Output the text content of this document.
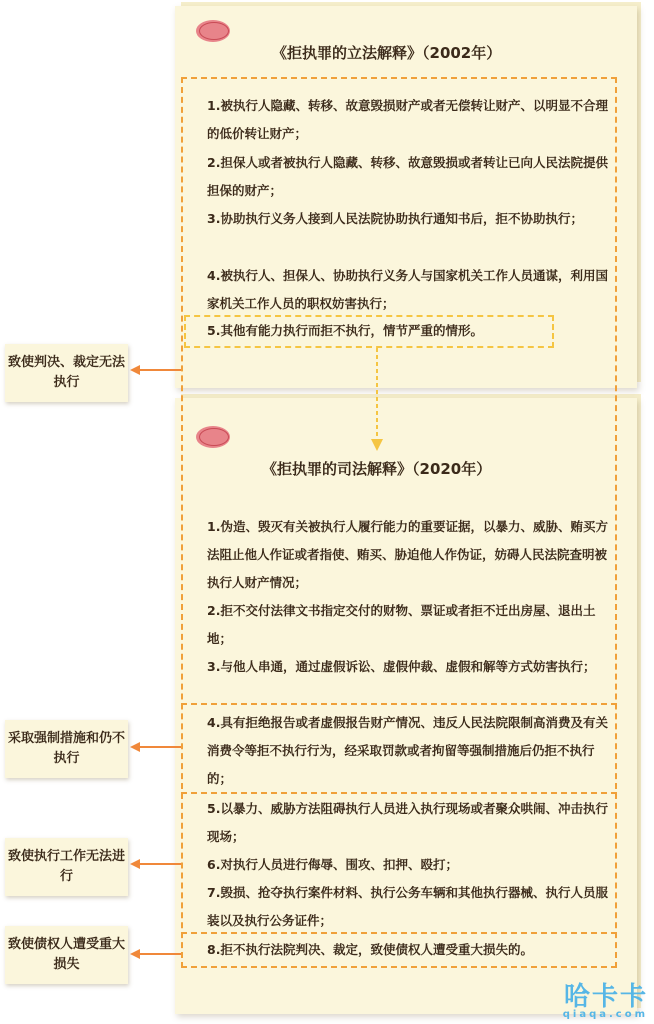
《拒执罪的立法解释》（2002年）
《拒执罪的司法解释》（2020年）
1.被执行人隐藏、转移、故意毁损财产或者无偿转让财产、以明显不合理的低价转让财产；
2.担保人或者被执行人隐藏、转移、故意毁损或者转让已向人民法院提供担保的财产；
3.协助执行义务人接到人民法院协助执行通知书后，拒不协助执行；
4.被执行人、担保人、协助执行义务人与国家机关工作人员通谋，利用国家机关工作人员的职权妨害执行；
5.其他有能力执行而拒不执行，情节严重的情形。
1.伪造、毁灭有关被执行人履行能力的重要证据，以暴力、威胁、贿买方法阻止他人作证或者指使、贿买、胁迫他人作伪证，妨碍人民法院查明被执行人财产情况；
2.拒不交付法律文书指定交付的财物、票证或者拒不迁出房屋、退出土地；
3.与他人串通，通过虚假诉讼、虚假仲裁、虚假和解等方式妨害执行；
4.具有拒绝报告或者虚假报告财产情况、违反人民法院限制高消费及有关消费令等拒不执行行为，经采取罚款或者拘留等强制措施后仍拒不执行的；
5.以暴力、威胁方法阻碍执行人员进入执行现场或者聚众哄闹、冲击执行现场；
6.对执行人员进行侮辱、围攻、扣押、殴打；
7.毁损、抢夺执行案件材料、执行公务车辆和其他执行器械、执行人员服装以及执行公务证件；
8.拒不执行法院判决、裁定，致使债权人遭受重大损失的。
致使判决、裁定无法执行
采取强制措施和仍不执行
致使执行工作无法进行
致使债权人遭受重大损失
哈卡卡
qiaqa.com
